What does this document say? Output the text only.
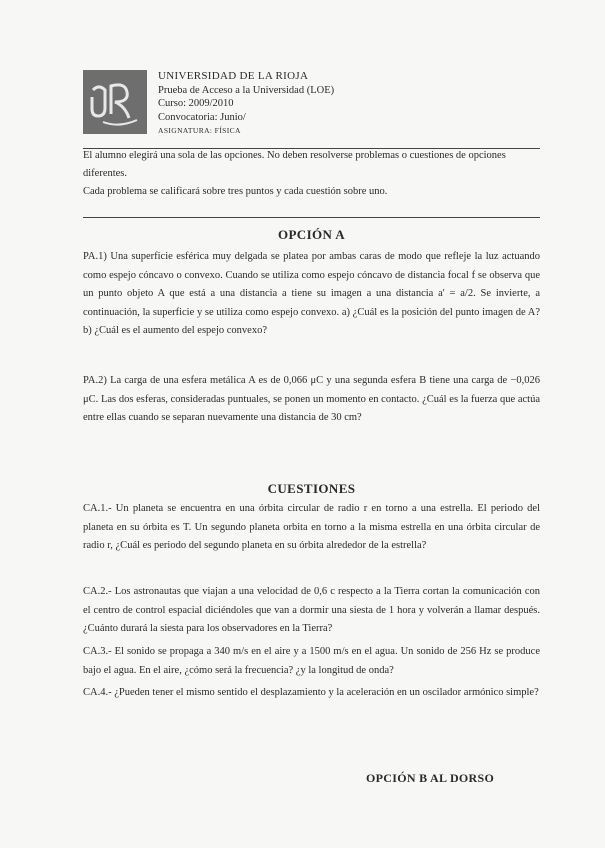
UNIVERSIDAD DE LA RIOJA
Prueba de Acceso a la Universidad (LOE)
Curso: 2009/2010
Convocatoria: Junio/
ASIGNATURA: FÍSICA

El alumno elegirá una sola de las opciones. No deben resolverse problemas o cuestiones de opciones diferentes.

Cada problema se calificará sobre tres puntos y cada cuestión sobre uno.

OPCIÓN A

PA.1) Una superficie esférica muy delgada se platea por ambas caras de modo que refleje la luz actuando como espejo cóncavo o convexo. Cuando se utiliza como espejo cóncavo de distancia focal f se observa que un punto objeto A que está a una distancia a tiene su imagen a una distancia a' = a/2. Se invierte, a continuación, la superficie y se utiliza como espejo convexo. a) ¿Cuál es la posición del punto imagen de A? b) ¿Cuál es el aumento del espejo convexo?

PA.2) La carga de una esfera metálica A es de 0,066 μC y una segunda esfera B tiene una carga de −0,026 μC. Las dos esferas, consideradas puntuales, se ponen un momento en contacto. ¿Cuál es la fuerza que actúa entre ellas cuando se separan nuevamente una distancia de 30 cm?

CUESTIONES

CA.1.- Un planeta se encuentra en una órbita circular de radio r en torno a una estrella. El periodo del planeta en su órbita es T. Un segundo planeta orbita en torno a la misma estrella en una órbita circular de radio r, ¿Cuál es periodo del segundo planeta en su órbita alrededor de la estrella?

CA.2.- Los astronautas que viajan a una velocidad de 0,6 c respecto a la Tierra cortan la comunicación con el centro de control espacial diciéndoles que van a dormir una siesta de 1 hora y volverán a llamar después. ¿Cuánto durará la siesta para los observadores en la Tierra?

CA.3.- El sonido se propaga a 340 m/s en el aire y a 1500 m/s en el agua. Un sonido de 256 Hz se produce bajo el agua. En el aire, ¿cómo será la frecuencia? ¿y la longitud de onda?

CA.4.- ¿Pueden tener el mismo sentido el desplazamiento y la aceleración en un oscilador armónico simple?

OPCIÓN B AL DORSO
